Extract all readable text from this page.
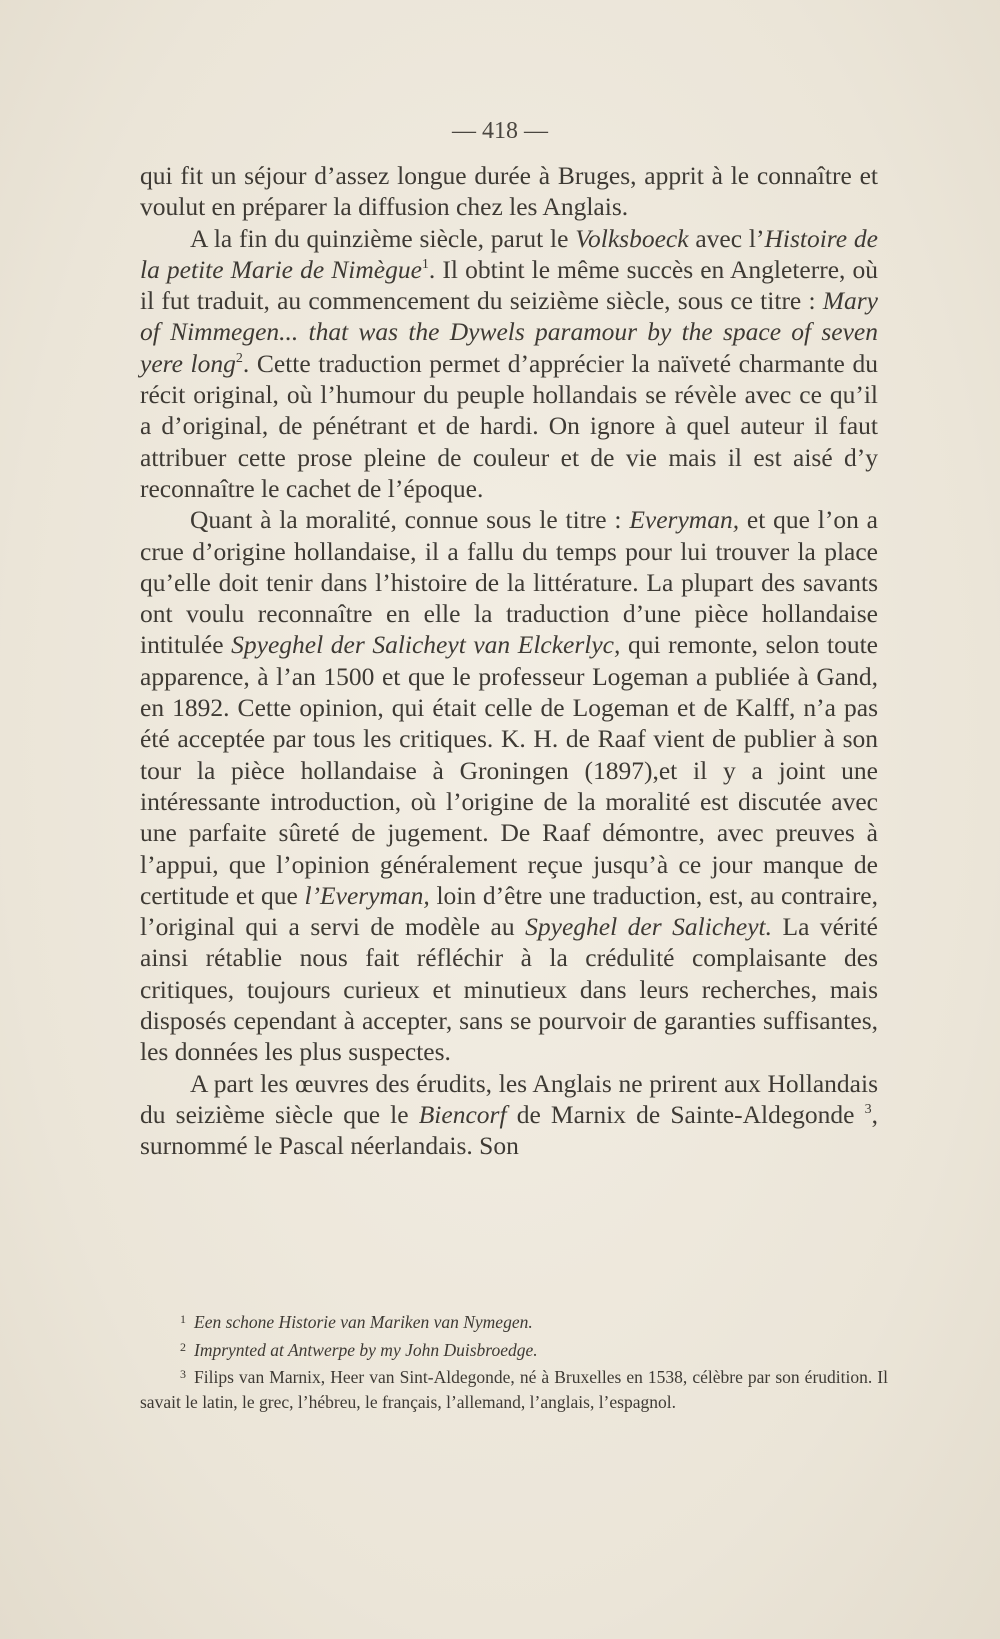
— 418 —

qui fit un séjour d’assez longue durée à Bruges, apprit à le connaître et voulut en préparer la diffusion chez les Anglais.

A la fin du quinzième siècle, parut le Volksboeck avec l’Histoire de la petite Marie de Nimègue$^1$. Il obtint le même succès en Angleterre, où il fut traduit, au commencement du seizième siècle, sous ce titre : Mary of Nimmegen... that was the Dywels paramour by the space of seven yere long$^2$. Cette traduction permet d’apprécier la naïveté charmante du récit original, où l’humour du peuple hollandais se révèle avec ce qu’il a d’original, de pénétrant et de hardi. On ignore à quel auteur il faut attribuer cette prose pleine de couleur et de vie mais il est aisé d’y reconnaître le cachet de l’époque.

Quant à la moralité, connue sous le titre : Everyman, et que l’on a crue d’origine hollandaise, il a fallu du temps pour lui trouver la place qu’elle doit tenir dans l’histoire de la littérature. La plupart des savants ont voulu reconnaître en elle la traduction d’une pièce hollandaise intitulée Spyeghel der Salicheyt van Elckerlyc, qui remonte, selon toute apparence, à l’an 1500 et que le professeur Logeman a publiée à Gand, en 1892. Cette opinion, qui était celle de Logeman et de Kalff, n’a pas été acceptée par tous les critiques. K. H. de Raaf vient de publier à son tour la pièce hollandaise à Groningen (1897),et il y a joint une intéressante introduction, où l’origine de la moralité est discutée avec une parfaite sûreté de jugement. De Raaf démontre, avec preuves à l’appui, que l’opinion généralement reçue jusqu’à ce jour manque de certitude et que l’Everyman, loin d’être une traduction, est, au contraire, l’original qui a servi de modèle au Spyeghel der Salicheyt. La vérité ainsi rétablie nous fait réfléchir à la crédulité complaisante des critiques, toujours curieux et minutieux dans leurs recherches, mais disposés cependant à accepter, sans se pourvoir de garanties suffisantes, les données les plus suspectes.

A part les œuvres des érudits, les Anglais ne prirent aux Hollandais du seizième siècle que le Biencorf de Marnix de Sainte-Aldegonde $^3$, surnommé le Pascal néerlandais. Son

$^1$ Een schone Historie van Mariken van Nymegen.

$^2$ Imprynted at Antwerpe by my John Duisbroedge.

$^3$ Filips van Marnix, Heer van Sint-Aldegonde, né à Bruxelles en 1538, célèbre par son érudition. Il savait le latin, le grec, l’hébreu, le français, l’allemand, l’anglais, l’espagnol.
